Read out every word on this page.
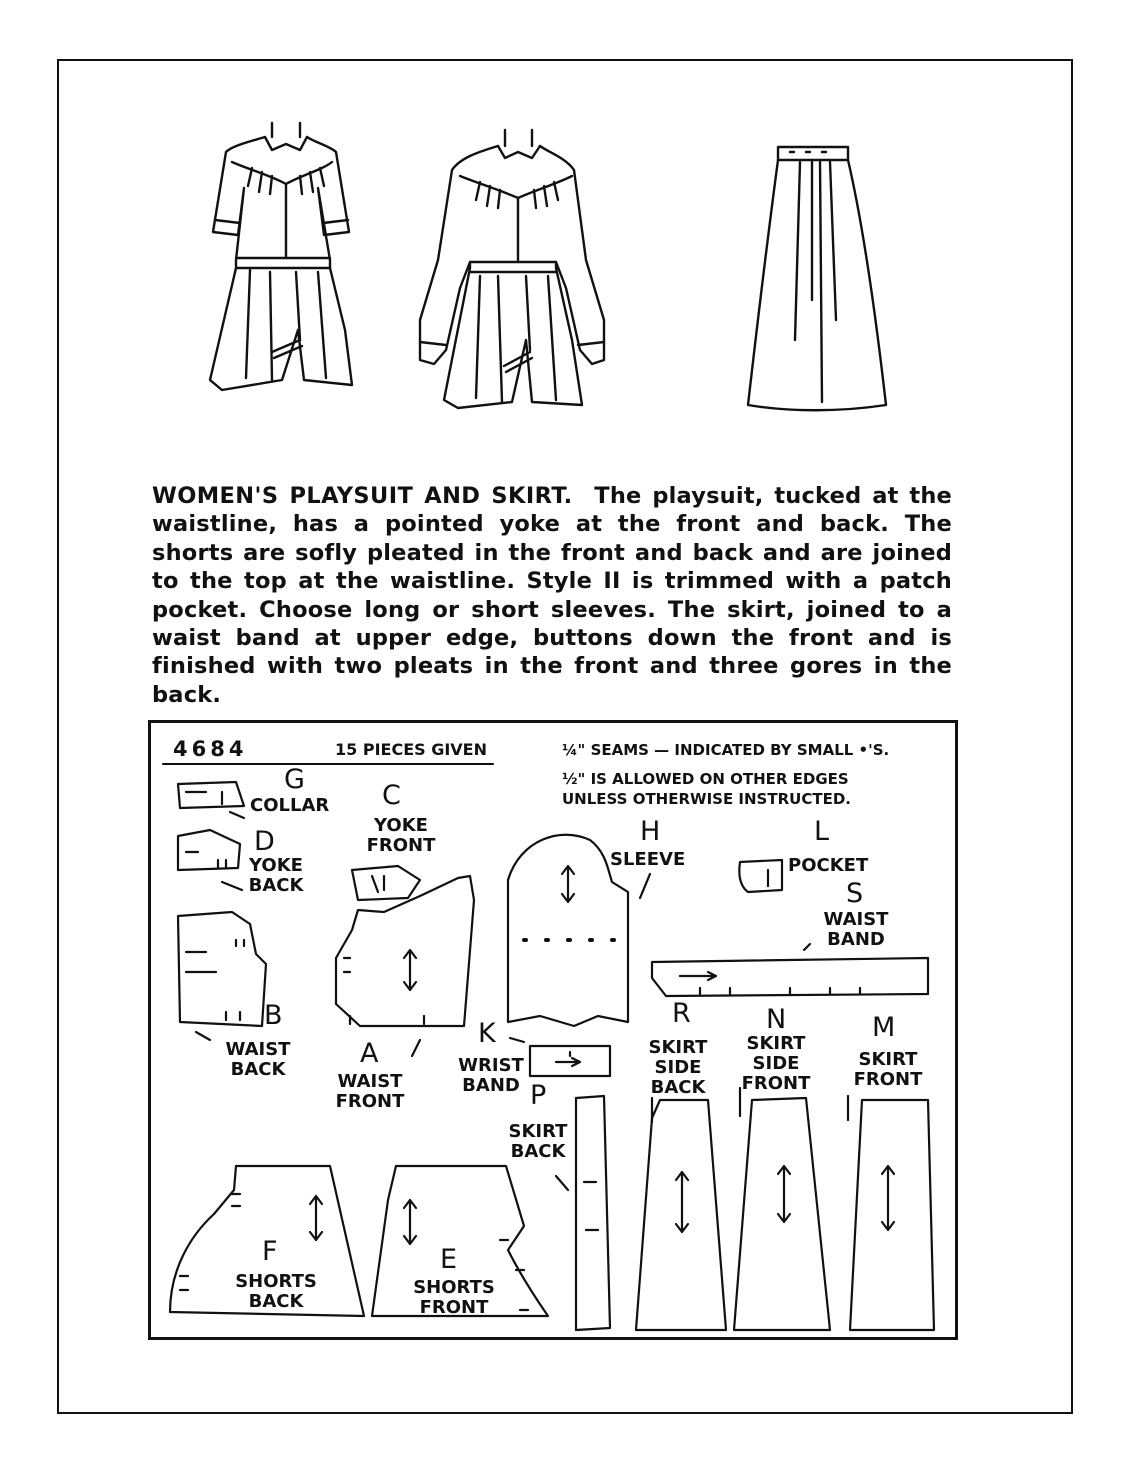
WOMEN'S PLAYSUIT AND SKIRT. The playsuit, tucked at the waistline, has a pointed yoke at the front and back. The shorts are sofly pleated in the front and back and are joined to the top at the waistline. Style II is trimmed with a patch pocket. Choose long or short sleeves. The skirt, joined to a waist band at upper edge, buttons down the front and is finished with two pleats in the front and three gores in the back.

4684	15 PIECES GIVEN	¼" SEAMS — INDICATED BY SMALL •'S.
½" IS ALLOWED ON OTHER EDGES
UNLESS OTHERWISE INSTRUCTED.
G
D
C
H	L
S
B
A
K
P
R	N	M
F	E
COLLAR
YOKE
BACK
YOKE
FRONT
SLEEVE	POCKET
WAIST
BAND
WAIST
BACK
WAIST
FRONT
WRIST
BAND
SKIRT
BACK
SKIRT
SIDE
BACK
SKIRT
SIDE
FRONT
SKIRT
FRONT
SHORTS
BACK
SHORTS
FRONT
